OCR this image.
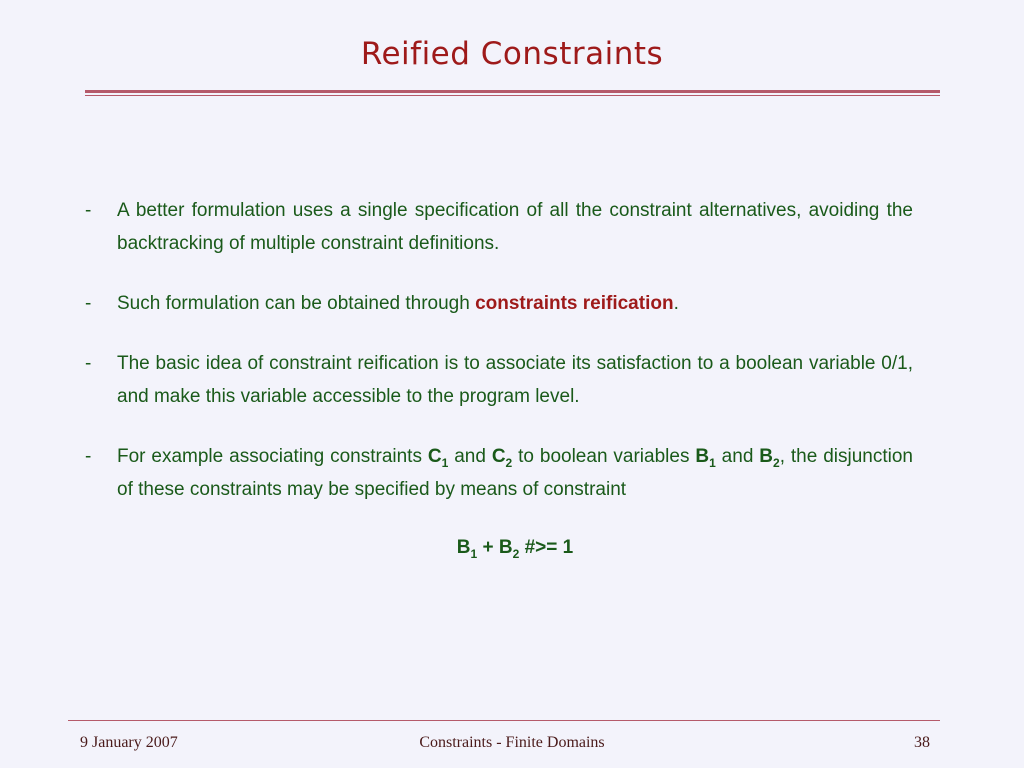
Reified Constraints
- A better formulation uses a single specification of all the constraint alternatives, avoiding the backtracking of multiple constraint definitions.
- Such formulation can be obtained through constraints reification.
- The basic idea of constraint reification is to associate its satisfaction to a boolean variable 0/1, and make this variable accessible to the program level.
- For example associating constraints $C_1$ and $C_2$ to boolean variables $B_1$ and $B_2$, the disjunction of these constraints may be specified by means of constraint
$B_1 + B_2$ #>= 1
9 January 2007	Constraints - Finite Domains	38
